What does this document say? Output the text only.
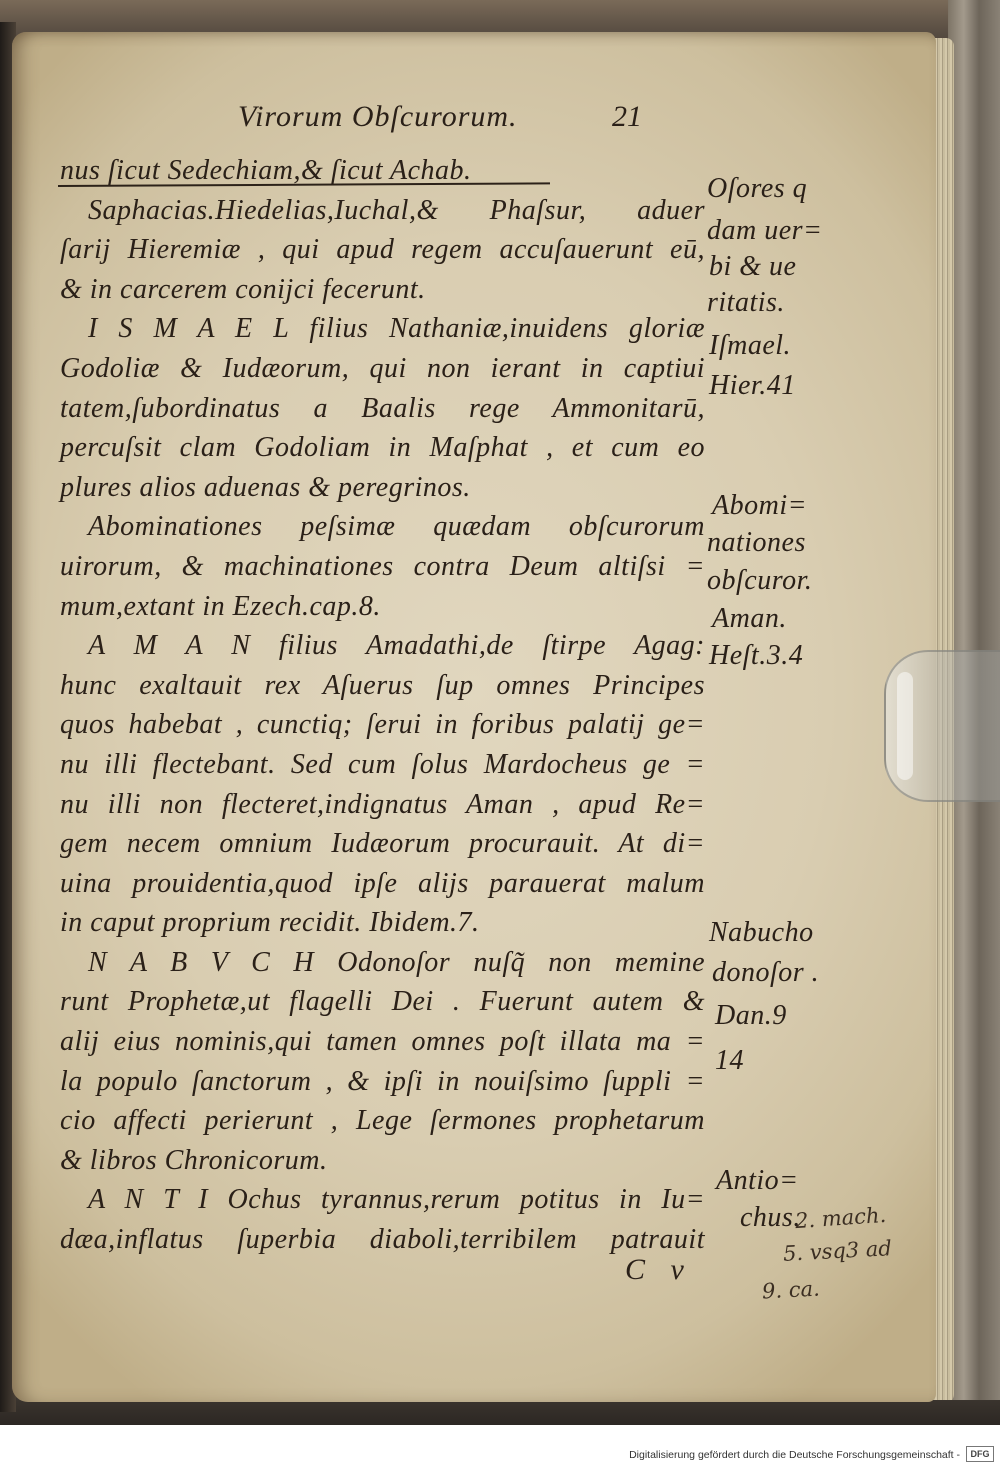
Virorum Obſcurorum.	21
nus ſicut Sedechiam,& ſicut Achab.
Saphacias.Hiedelias,Iuchal,& Phaſsur, aduer
ſarij Hieremiæ , qui apud regem accuſauerunt eū,
& in carcerem conijci fecerunt.
I S M A E L filius Nathaniæ,inuidens gloriæ
Godoliæ & Iudæorum, qui non ierant in captiui
tatem,ſubordinatus a Baalis rege Ammonitarū,
percuſsit clam Godoliam in Maſphat , et cum eo
plures alios aduenas & peregrinos.
Abominationes peſsimæ quædam obſcurorum
uirorum, & machinationes contra Deum altiſsi =
mum,extant in Ezech.cap.8.
A M A N filius Amadathi,de ſtirpe Agag:
hunc exaltauit rex Aſuerus ſup omnes Principes
quos habebat , cunctiq; ſerui in foribus palatij ge=
nu illi flectebant. Sed cum ſolus Mardocheus ge =
nu illi non flecteret,indignatus Aman , apud Re=
gem necem omnium Iudæorum procurauit. At di=
uina prouidentia,quod ipſe alijs parauerat malum
in caput proprium recidit. Ibidem.7.
N A B V C H Odonoſor nuſq̃ non memine
runt Prophetæ,ut flagelli Dei . Fuerunt autem &
alij eius nominis,qui tamen omnes poſt illata ma =
la populo ſanctorum , & ipſi in nouiſsimo ſuppli =
cio affecti perierunt , Lege ſermones prophetarum
& libros Chronicorum.
A N T I Ochus tyrannus,rerum potitus in Iu=
dæa,inflatus ſuperbia diaboli,terribilem patrauit
Oſores q
dam uer=
bi & ue
ritatis.
Iſmael.
Hier.41
Abomi=
nationes
obſcuror.
Aman.
Heſt.3.4
Nabucho
donoſor .
Dan.9
14
Antio=
chus.
C v
2. mach.
5. vsq3 ad
9. ca.
Digitalisierung gefördert durch die Deutsche Forschungsgemeinschaft -	DFG
